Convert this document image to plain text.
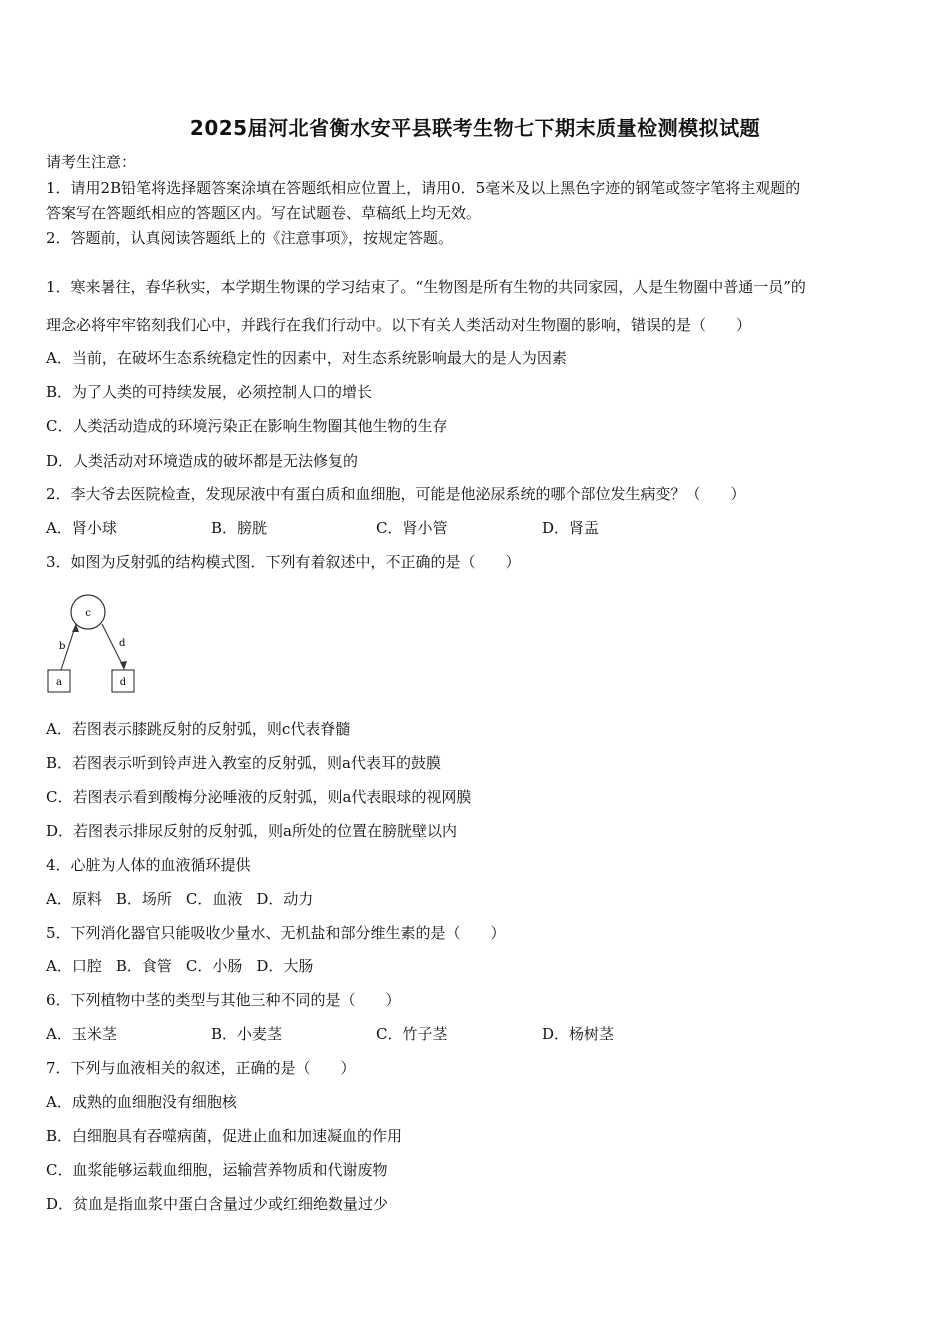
2025届河北省衡水安平县联考生物七下期末质量检测模拟试题
请考生注意：
1．请用2B铅笔将选择题答案涂填在答题纸相应位置上，请用0．5毫米及以上黑色字迹的钢笔或签字笔将主观题的
答案写在答题纸相应的答题区内。写在试题卷、草稿纸上均无效。
2．答题前，认真阅读答题纸上的《注意事项》，按规定答题。
1．寒来暑往，春华秋实，本学期生物课的学习结束了。“生物图是所有生物的共同家园，人是生物圈中普通一员”的
理念必将牢牢铭刻我们心中，并践行在我们行动中。以下有关人类活动对生物圈的影响，错误的是（　　）
A．当前，在破坏生态系统稳定性的因素中，对生态系统影响最大的是人为因素
B．为了人类的可持续发展，必须控制人口的增长
C．人类活动造成的环境污染正在影响生物圈其他生物的生存
D．人类活动对环境造成的破坏都是无法修复的
2．李大爷去医院检查，发现尿液中有蛋白质和血细胞，可能是他泌尿系统的哪个部位发生病变？（　　）
A．肾小球	B．膀胱	C．肾小管	D．肾盂
3．如图为反射弧的结构模式图．下列有着叙述中，不正确的是（　　）
c
b	d
a	d
A．若图表示膝跳反射的反射弧，则c代表脊髓
B．若图表示听到铃声进入教室的反射弧，则a代表耳的鼓膜
C．若图表示看到酸梅分泌唾液的反射弧，则a代表眼球的视网膜
D．若图表示排尿反射的反射弧，则a所处的位置在膀胱壁以内
4．心脏为人体的血液循环提供
A．原料 B．场所 C．血液 D．动力
5．下列消化器官只能吸收少量水、无机盐和部分维生素的是（　　）
A．口腔 B．食管 C．小肠 D．大肠
6．下列植物中茎的类型与其他三种不同的是（　　）
A．玉米茎	B．小麦茎	C．竹子茎	D．杨树茎
7．下列与血液相关的叙述，正确的是（　　）
A．成熟的血细胞没有细胞核
B．白细胞具有吞噬病菌，促进止血和加速凝血的作用
C．血浆能够运载血细胞，运输营养物质和代谢废物
D．贫血是指血浆中蛋白含量过少或红细绝数量过少
